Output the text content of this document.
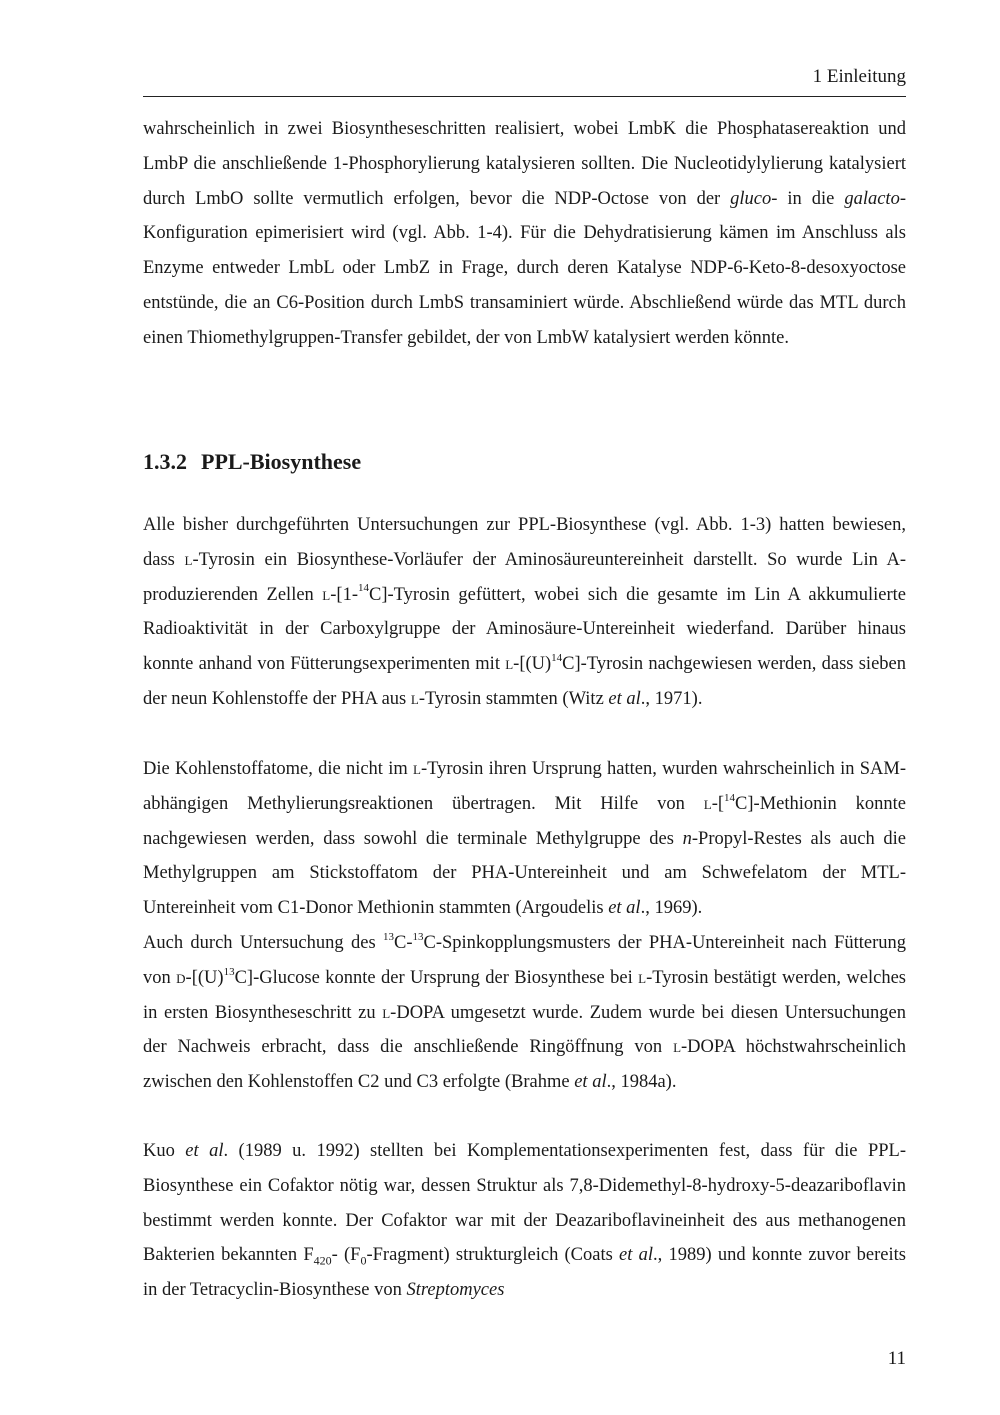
1 Einleitung

wahrscheinlich in zwei Biosyntheseschritten realisiert, wobei LmbK die Phosphatasereaktion und LmbP die anschließende 1-Phosphorylierung katalysieren sollten. Die Nucleotidylylierung katalysiert durch LmbO sollte vermutlich erfolgen, bevor die NDP-Octose von der gluco- in die galacto-Konfiguration epimerisiert wird (vgl. Abb. 1-4). Für die Dehydratisierung kämen im Anschluss als Enzyme entweder LmbL oder LmbZ in Frage, durch deren Katalyse NDP-6-Keto-8-desoxyoctose entstünde, die an C6-Position durch LmbS transaminiert würde. Abschließend würde das MTL durch einen Thiomethylgruppen-Transfer gebildet, der von LmbW katalysiert werden könnte.

1.3.2 PPL-Biosynthese

Alle bisher durchgeführten Untersuchungen zur PPL-Biosynthese (vgl. Abb. 1-3) hatten bewiesen, dass l-Tyrosin ein Biosynthese-Vorläufer der Aminosäureuntereinheit darstellt. So wurde Lin A-produzierenden Zellen l-[1-$^{14}$C]-Tyrosin gefüttert, wobei sich die gesamte im Lin A akkumulierte Radioaktivität in der Carboxylgruppe der Aminosäure-Untereinheit wiederfand. Darüber hinaus konnte anhand von Fütterungsexperimenten mit $l-[(U)^{14}C]$-Tyrosin nachgewiesen werden, dass sieben der neun Kohlenstoffe der PHA aus l-Tyrosin stammten (Witz et al., 1971).

Die Kohlenstoffatome, die nicht im l-Tyrosin ihren Ursprung hatten, wurden wahrscheinlich in SAM-abhängigen Methylierungsreaktionen übertragen. Mit Hilfe von l-[$^{14}$C]-Methionin konnte nachgewiesen werden, dass sowohl die terminale Methylgruppe des n-Propyl-Restes als auch die Methylgruppen am Stickstoffatom der PHA-Untereinheit und am Schwefelatom der MTL-Untereinheit vom C1-Donor Methionin stammten (Argoudelis et al., 1969).

Auch durch Untersuchung des $^{13}$C-$^{13}$C-Spinkopplungsmusters der PHA-Untereinheit nach Fütterung von $d-[(U)^{13}C]$-Glucose konnte der Ursprung der Biosynthese bei l-Tyrosin bestätigt werden, welches in ersten Biosyntheseschritt zu l-DOPA umgesetzt wurde. Zudem wurde bei diesen Untersuchungen der Nachweis erbracht, dass die anschließende Ringöffnung von l-DOPA höchstwahrscheinlich zwischen den Kohlenstoffen C2 und C3 erfolgte (Brahme et al., 1984a).

Kuo et al. (1989 u. 1992) stellten bei Komplementationsexperimenten fest, dass für die PPL-Biosynthese ein Cofaktor nötig war, dessen Struktur als 7,8-Didemethyl-8-hydroxy-5-deazariboflavin bestimmt werden konnte. Der Cofaktor war mit der Deazariboflavineinheit des aus methanogenen Bakterien bekannten $F_{420}-$ $(F_0-Fragment)$ strukturgleich (Coats et al., 1989) und konnte zuvor bereits in der Tetracyclin-Biosynthese von Streptomyces

11
